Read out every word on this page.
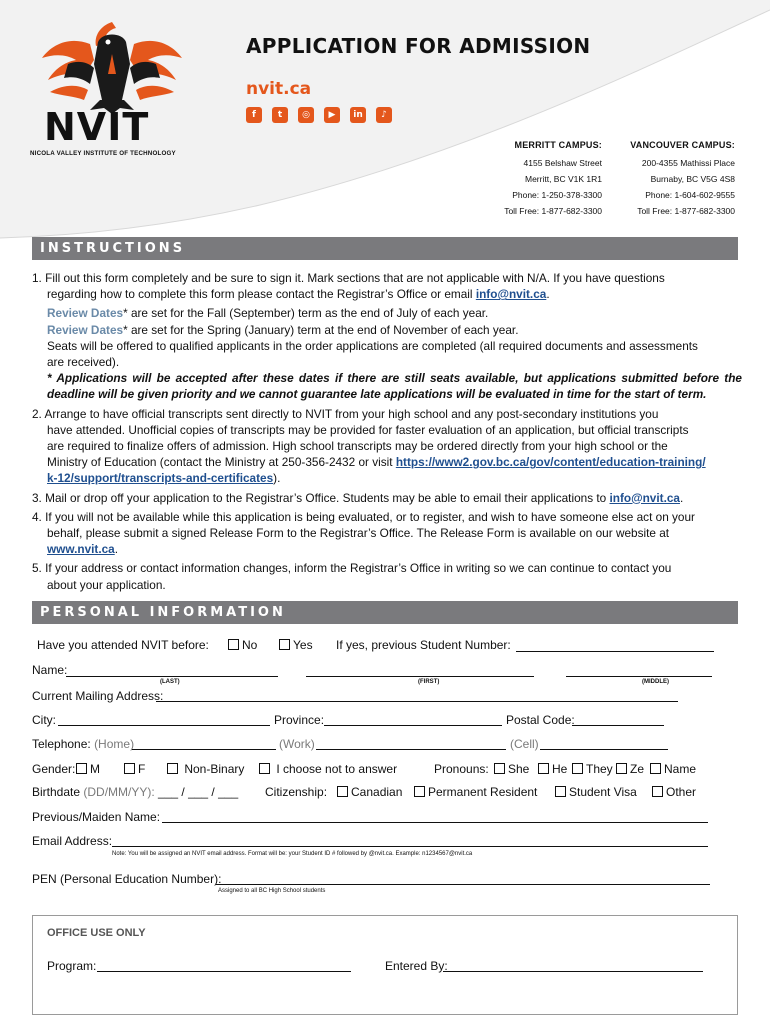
NVIT
NICOLA VALLEY INSTITUTE OF TECHNOLOGY
APPLICATION FOR ADMISSION
nvit.ca
f	t	◎	▶	in	♪
MERRITT CAMPUS:
4155 Belshaw Street
Merritt, BC V1K 1R1
Phone: 1-250-378-3300
Toll Free: 1-877-682-3300
VANCOUVER CAMPUS:
200-4355 Mathissi Place
Burnaby, BC V5G 4S8
Phone: 1-604-602-9555
Toll Free: 1-877-682-3300
INSTRUCTIONS

1. Fill out this form completely and be sure to sign it. Mark sections that are not applicable with N/A. If you have questions

regarding how to complete this form please contact the Registrar’s Office or email info@nvit.ca.

Review Dates* are set for the Fall (September) term as the end of July of each year.

Review Dates* are set for the Spring (January) term at the end of November of each year.

Seats will be offered to qualified applicants in the order applications are completed (all required documents and assessments

are received).

* Applications will be accepted after these dates if there are still seats available, but applications submitted before the

deadline will be given priority and we cannot guarantee late applications will be evaluated in time for the start of term.

2. Arrange to have official transcripts sent directly to NVIT from your high school and any post-secondary institutions you

have attended. Unofficial copies of transcripts may be provided for faster evaluation of an application, but official transcripts

are required to finalize offers of admission. High school transcripts may be ordered directly from your high school or the

Ministry of Education (contact the Ministry at 250-356-2432 or visit https://www2.gov.bc.ca/gov/content/education-training/

k-12/support/transcripts-and-certificates).

3. Mail or drop off your application to the Registrar’s Office. Students may be able to email their applications to info@nvit.ca.

4. If you will not be available while this application is being evaluated, or to register, and wish to have someone else act on your

behalf, please submit a signed Release Form to the Registrar’s Office. The Release Form is available on our website at www.nvit.ca.

5. If your address or contact information changes, inform the Registrar’s Office in writing so we can continue to contact you

about your application.

PERSONAL INFORMATION
Have you attended NVIT before:	No	Yes If yes, previous Student Number:
Name:
(LAST)	(FIRST)	(MIDDLE)
Current Mailing Address:
City:	Province:	Postal Code:
Telephone: (Home)	(Work)	(Cell)
Gender:	M	F	Non-Binary	I choose not to answer	Pronouns:	She	He	They	Ze	Name
Birthdate (DD/MM/YY): ___ / ___ / ___ Citizenship:	Canadian	Permanent Resident	Student Visa	Other
Previous/Maiden Name:
Email Address:
Note: You will be assigned an NVIT email address. Format will be: your Student ID # followed by @nvit.ca. Example: n1234567@nvit.ca
PEN (Personal Education Number):
Assigned to all BC High School students
OFFICE USE ONLY
Program:	Entered By:
